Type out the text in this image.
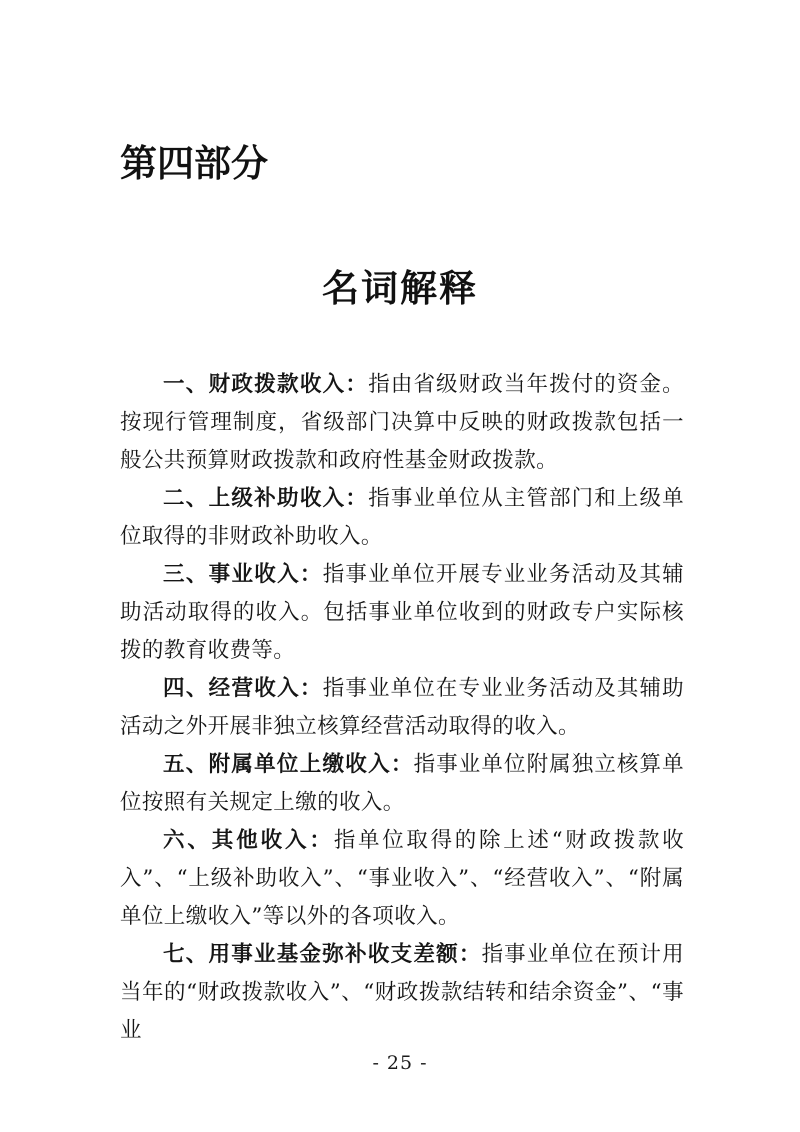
第四部分
名词解释

一、财政拨款收入：指由省级财政当年拨付的资金。按现行管理制度，省级部门决算中反映的财政拨款包括一般公共预算财政拨款和政府性基金财政拨款。

二、上级补助收入：指事业单位从主管部门和上级单位取得的非财政补助收入。

三、事业收入：指事业单位开展专业业务活动及其辅助活动取得的收入。包括事业单位收到的财政专户实际核拨的教育收费等。

四、经营收入：指事业单位在专业业务活动及其辅助活动之外开展非独立核算经营活动取得的收入。

五、附属单位上缴收入：指事业单位附属独立核算单位按照有关规定上缴的收入。

六、其他收入：指单位取得的除上述“财政拨款收入”、“上级补助收入”、“事业收入”、“经营收入”、“附属单位上缴收入”等以外的各项收入。

七、用事业基金弥补收支差额：指事业单位在预计用当年的“财政拨款收入”、“财政拨款结转和结余资金”、“事业

- 25 -
